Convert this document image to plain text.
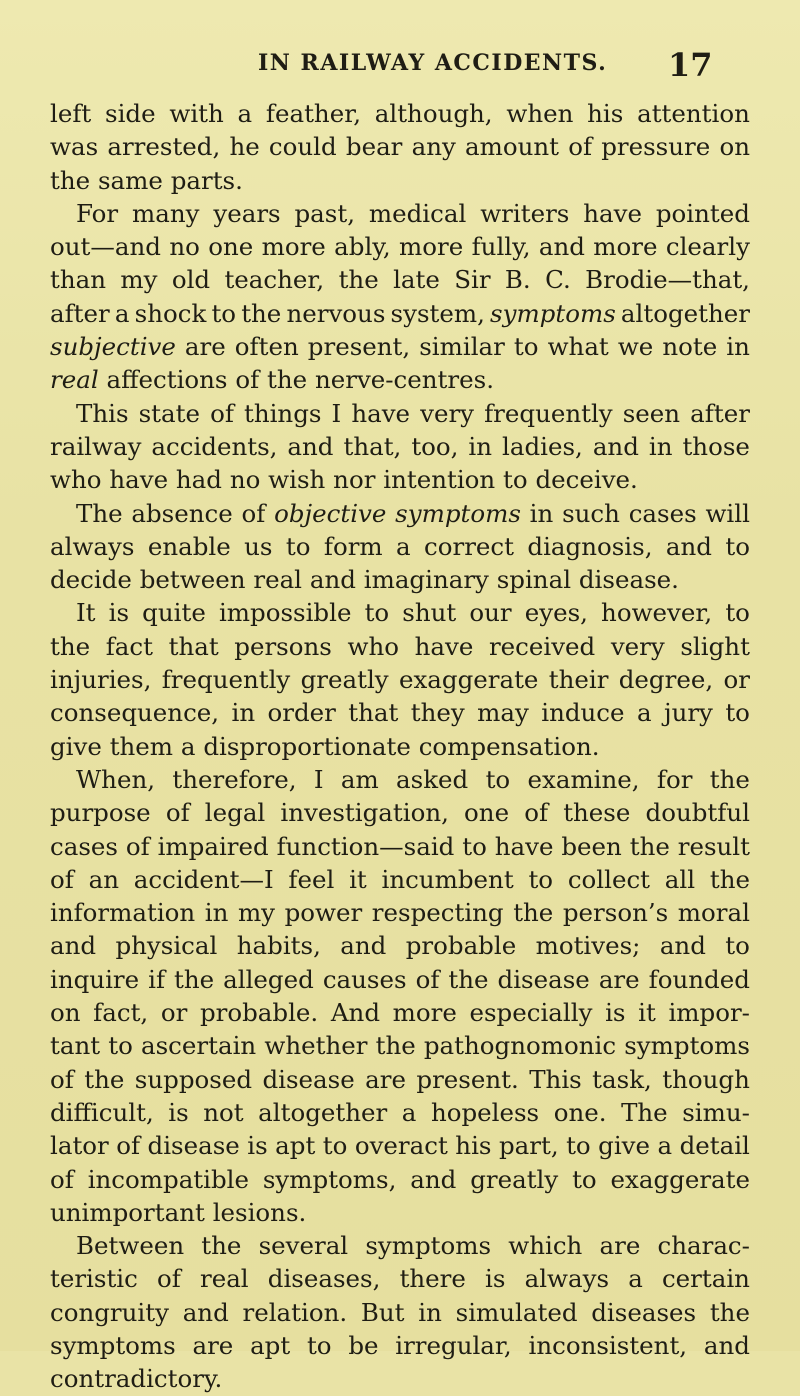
IN RAILWAY ACCIDENTS. 17
left side with a feather, although, when his attention
was arrested, he could bear any amount of pressure on
the same parts.
For many years past, medical writers have pointed
out—and no one more ably, more fully, and more clearly
than my old teacher, the late Sir B. C. Brodie—that,
after a shock to the nervous system, symptoms altogether
subjective are often present, similar to what we note in
real affections of the nerve-centres.
This state of things I have very frequently seen after
railway accidents, and that, too, in ladies, and in those
who have had no wish nor intention to deceive.
The absence of objective symptoms in such cases will
always enable us to form a correct diagnosis, and to
decide between real and imaginary spinal disease.
It is quite impossible to shut our eyes, however, to
the fact that persons who have received very slight
injuries, frequently greatly exaggerate their degree, or
consequence, in order that they may induce a jury to
give them a disproportionate compensation.
When, therefore, I am asked to examine, for the
purpose of legal investigation, one of these doubtful
cases of impaired function—said to have been the result
of an accident—I feel it incumbent to collect all the
information in my power respecting the person’s moral
and physical habits, and probable motives; and to
inquire if the alleged causes of the disease are founded
on fact, or probable. And more especially is it impor-
tant to ascertain whether the pathognomonic symptoms
of the supposed disease are present. This task, though
difficult, is not altogether a hopeless one. The simu-
lator of disease is apt to overact his part, to give a detail
of incompatible symptoms, and greatly to exaggerate
unimportant lesions.
Between the several symptoms which are charac-
teristic of real diseases, there is always a certain
congruity and relation. But in simulated diseases the
symptoms are apt to be irregular, inconsistent, and
contradictory.
